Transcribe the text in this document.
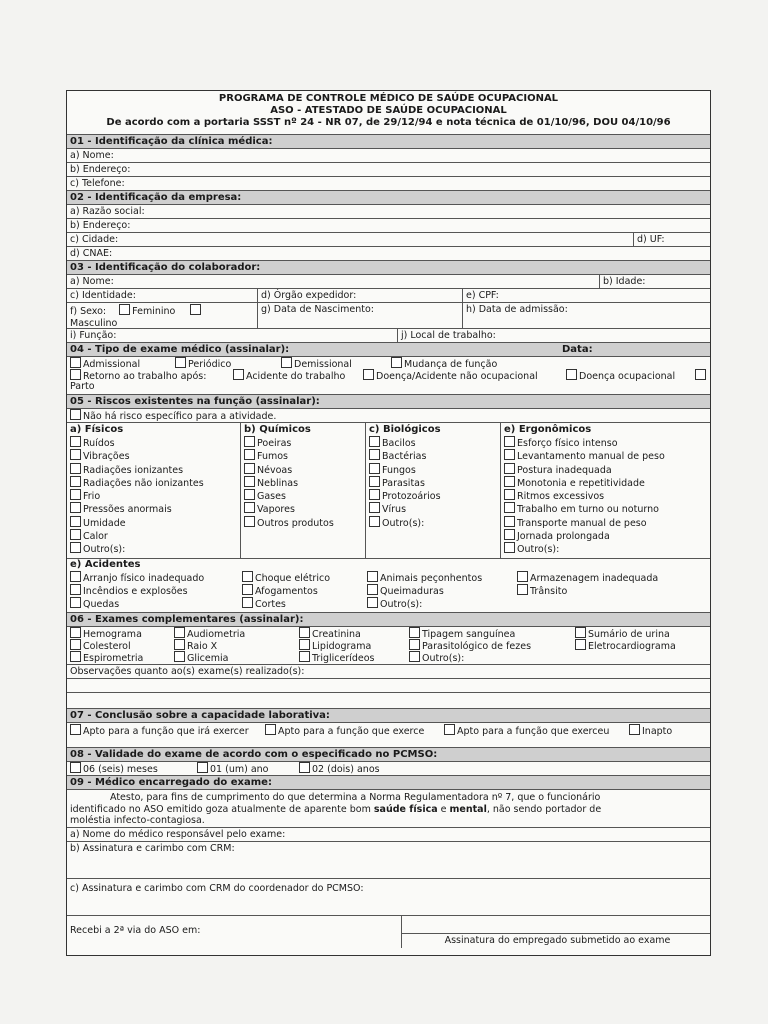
PROGRAMA DE CONTROLE MÉDICO DE SAÚDE OCUPACIONAL
ASO - ATESTADO DE SAÚDE OCUPACIONAL
De acordo com a portaria SSST nº 24 - NR 07, de 29/12/94 e nota técnica de 01/10/96, DOU 04/10/96
01 - Identificação da clínica médica:
a) Nome:
b) Endereço:
c) Telefone:
02 - Identificação da empresa:
a) Razão social:
b) Endereço:
c) Cidade:	d) UF:
d) CNAE:
03 - Identificação do colaborador:
a) Nome:	b) Idade:
c) Identidade:	d) Órgão expedidor:	e) CPF:
f) Sexo:	Feminino
Masculino
g) Data de Nascimento:	h) Data de admissão:
i) Função:	j) Local de trabalho:
04 - Tipo de exame médico (assinalar):	Data:
Admissional	Periódico	Demissional	Mudança de função
Retorno ao trabalho após:	Acidente do trabalho	Doença/Acidente não ocupacional	Doença ocupacional
Parto
05 - Riscos existentes na função (assinalar):
Não há risco específico para a atividade.
a) Físicos
Ruídos
Vibrações
Radiações ionizantes
Radiações não ionizantes
Frio
Pressões anormais
Umidade
Calor
Outro(s):
b) Químicos
Poeiras
Fumos
Névoas
Neblinas
Gases
Vapores
Outros produtos
c) Biológicos
Bacilos
Bactérias
Fungos
Parasitas
Protozoários
Vírus
Outro(s):
e) Ergonômicos
Esforço físico intenso
Levantamento manual de peso
Postura inadequada
Monotonia e repetitividade
Ritmos excessivos
Trabalho em turno ou noturno
Transporte manual de peso
Jornada prolongada
Outro(s):
e) Acidentes
Arranjo físico inadequado	Choque elétrico	Animais peçonhentos	Armazenagem inadequada
Incêndios e explosões	Afogamentos	Queimaduras	Trânsito
Quedas	Cortes	Outro(s):
06 - Exames complementares (assinalar):
Hemograma	Audiometria	Creatinina	Tipagem sanguínea	Sumário de urina
Colesterol	Raio X	Lipidograma	Parasitológico de fezes	Eletrocardiograma
Espirometria	Glicemia	Triglicerídeos	Outro(s):
Observações quanto ao(s) exame(s) realizado(s):
07 - Conclusão sobre a capacidade laborativa:
Apto para a função que irá exercer	Apto para a função que exerce	Apto para a função que exerceu	Inapto
08 - Validade do exame de acordo com o especificado no PCMSO:
06 (seis) meses	01 (um) ano	02 (dois) anos
09 - Médico encarregado do exame:
Atesto, para fins de cumprimento do que determina a Norma Regulamentadora nº 7, que o funcionário
identificado no ASO emitido goza atualmente de aparente bom saúde física e mental, não sendo portador de
moléstia infecto-contagiosa.
a) Nome do médico responsável pelo exame:
b) Assinatura e carimbo com CRM:
c) Assinatura e carimbo com CRM do coordenador do PCMSO:
Recebi a 2ª via do ASO em:
Assinatura do empregado submetido ao exame
